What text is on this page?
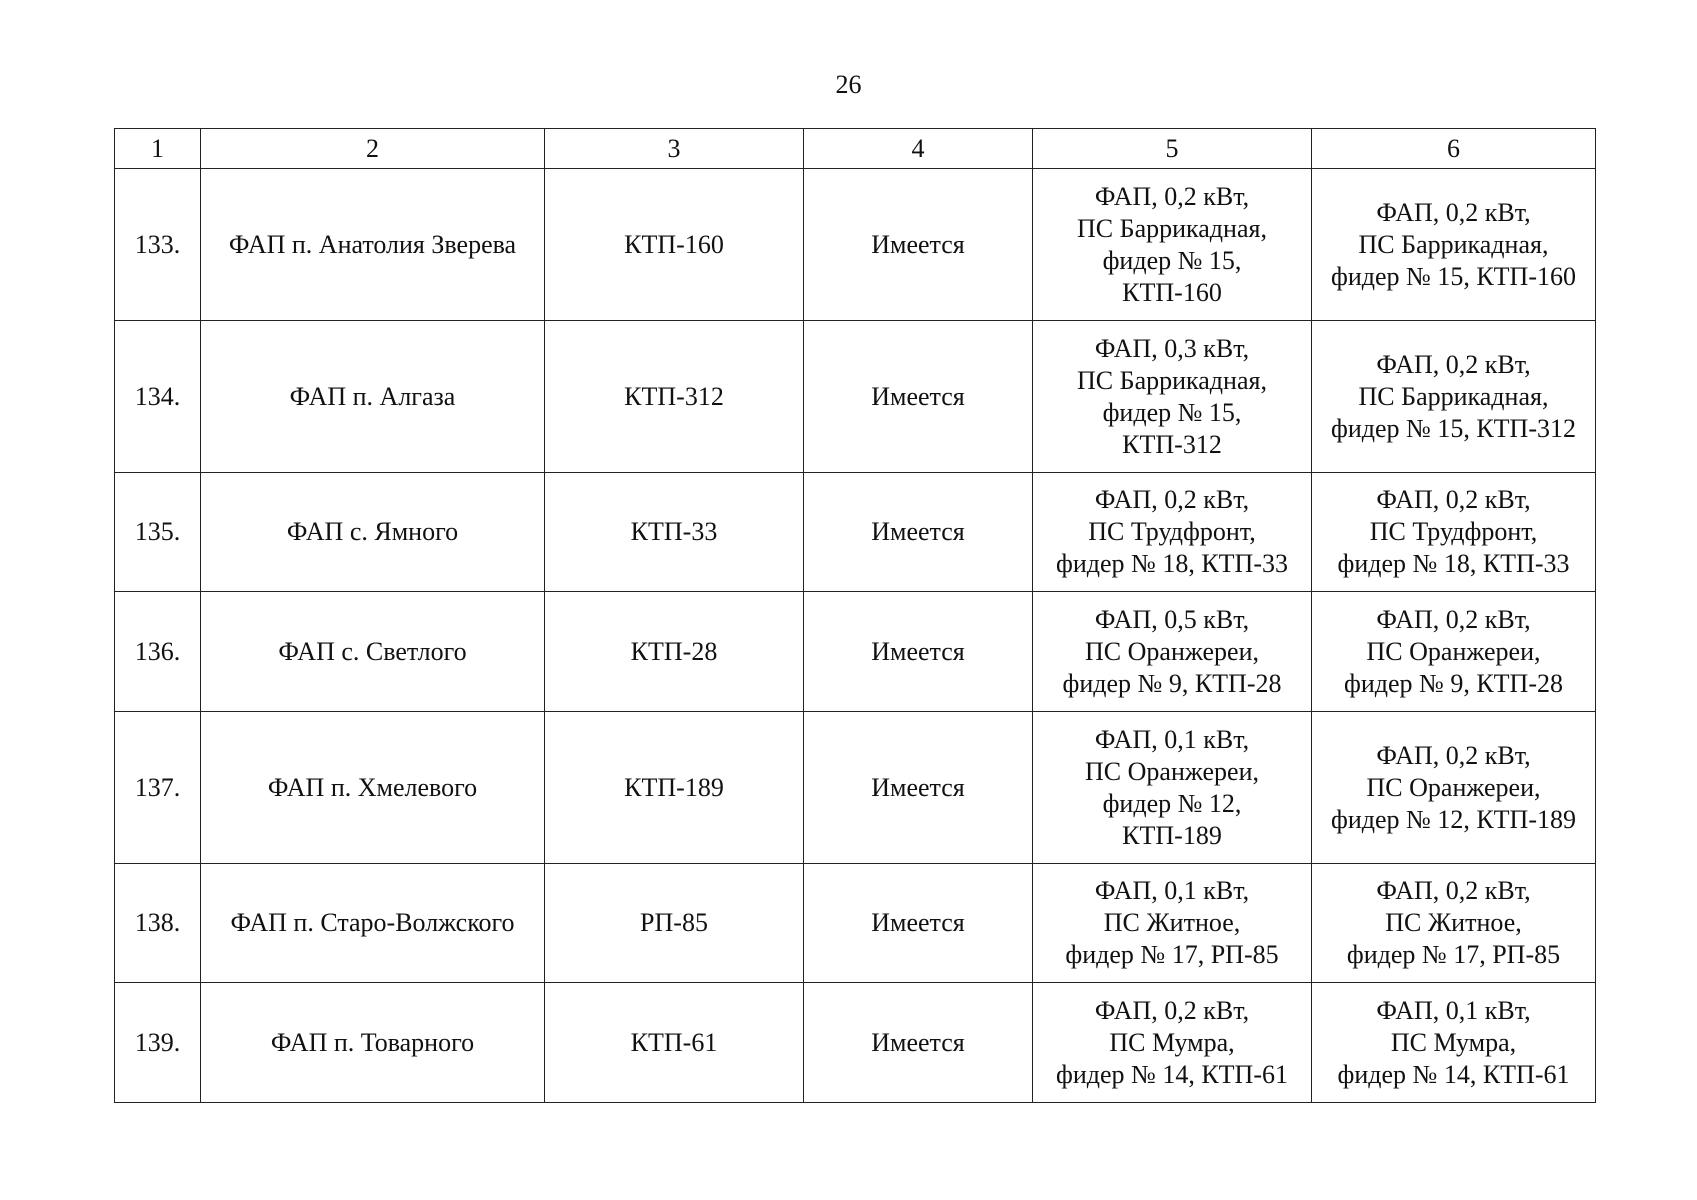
26
1	2	3	4	5	6
133.	ФАП п. Анатолия Зверева	КТП-160	Имеется	ФАП, 0,2 кВт,
ПС Баррикадная,
фидер № 15,
КТП-160	ФАП, 0,2 кВт,
ПС Баррикадная,
фидер № 15, КТП-160

134.	ФАП п. Алгаза	КТП-312	Имеется	ФАП, 0,3 кВт,
ПС Баррикадная,
фидер № 15,
КТП-312	ФАП, 0,2 кВт,
ПС Баррикадная,
фидер № 15, КТП-312

135.	ФАП с. Ямного	КТП-33	Имеется	ФАП, 0,2 кВт,
ПС Трудфронт,
фидер № 18, КТП-33	ФАП, 0,2 кВт,
ПС Трудфронт,
фидер № 18, КТП-33

136.	ФАП с. Светлого	КТП-28	Имеется	ФАП, 0,5 кВт,
ПС Оранжереи,
фидер № 9, КТП-28	ФАП, 0,2 кВт,
ПС Оранжереи,
фидер № 9, КТП-28

137.	ФАП п. Хмелевого	КТП-189	Имеется	ФАП, 0,1 кВт,
ПС Оранжереи,
фидер № 12,
КТП-189	ФАП, 0,2 кВт,
ПС Оранжереи,
фидер № 12, КТП-189

138.	ФАП п. Старо-Волжского	РП-85	Имеется	ФАП, 0,1 кВт,
ПС Житное,
фидер № 17, РП-85	ФАП, 0,2 кВт,
ПС Житное,
фидер № 17, РП-85

139.	ФАП п. Товарного	КТП-61	Имеется	ФАП, 0,2 кВт,
ПС Мумра,
фидер № 14, КТП-61	ФАП, 0,1 кВт,
ПС Мумра,
фидер № 14, КТП-61
